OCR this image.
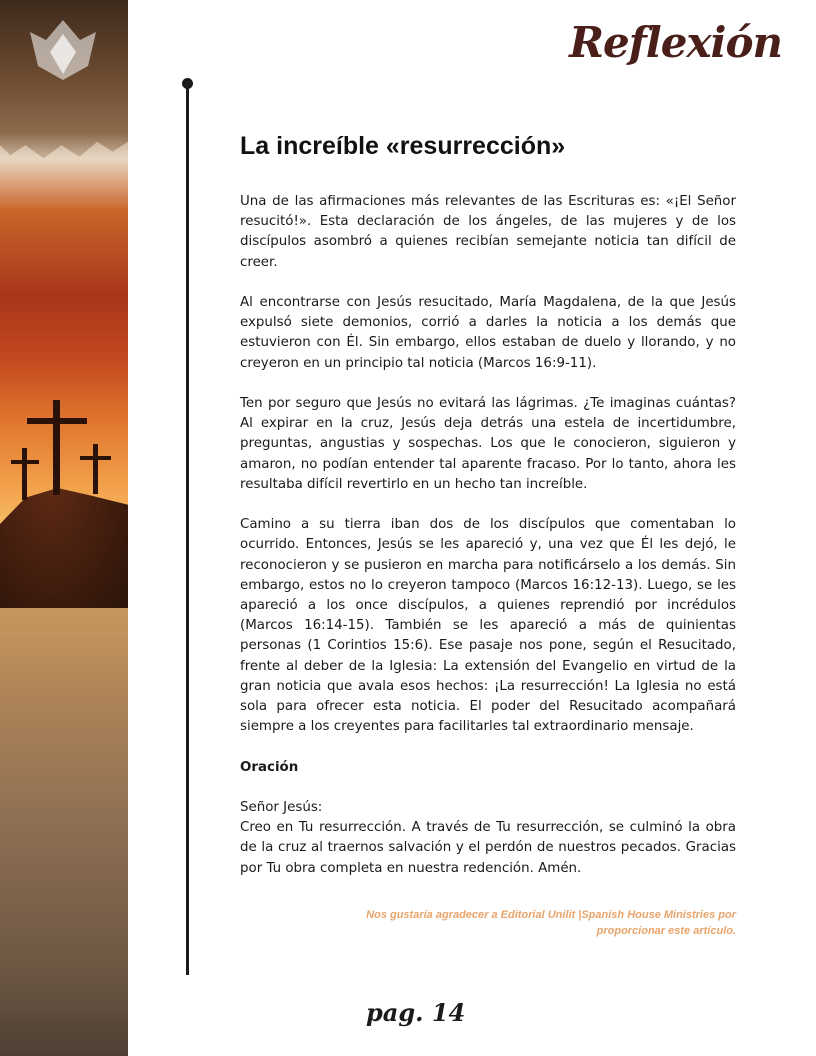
Reflexión
La increíble «resurrección»

Una de las afirmaciones más relevantes de las Escrituras es: «¡El Señor resucitó!». Esta declaración de los ángeles, de las mujeres y de los discípulos asombró a quienes recibían semejante noticia tan difícil de creer.

Al encontrarse con Jesús resucitado, María Magdalena, de la que Jesús expulsó siete demonios, corrió a darles la noticia a los demás que estuvieron con Él. Sin embargo, ellos estaban de duelo y llorando, y no creyeron en un principio tal noticia (Marcos 16:9-11).

Ten por seguro que Jesús no evitará las lágrimas. ¿Te imaginas cuántas? Al expirar en la cruz, Jesús deja detrás una estela de incertidumbre, preguntas, angustias y sospechas. Los que le conocieron, siguieron y amaron, no podían entender tal aparente fracaso. Por lo tanto, ahora les resultaba difícil revertirlo en un hecho tan increíble.

Camino a su tierra iban dos de los discípulos que comentaban lo ocurrido. Entonces, Jesús se les apareció y, una vez que Él les dejó, le reconocieron y se pusieron en marcha para notificárselo a los demás. Sin embargo, estos no lo creyeron tampoco (Marcos 16:12-13). Luego, se les apareció a los once discípulos, a quienes reprendió por incrédulos (Marcos 16:14-15). También se les apareció a más de quinientas personas (1 Corintios 15:6). Ese pasaje nos pone, según el Resucitado, frente al deber de la Iglesia: La extensión del Evangelio en virtud de la gran noticia que avala esos hechos: ¡La resurrección! La Iglesia no está sola para ofrecer esta noticia. El poder del Resucitado acompañará siempre a los creyentes para facilitarles tal extraordinario mensaje.

Oración

Señor Jesús:

Creo en Tu resurrección. A través de Tu resurrección, se culminó la obra de la cruz al traernos salvación y el perdón de nuestros pecados. Gracias por Tu obra completa en nuestra redención. Amén.

Nos gustaría agradecer a Editorial Unilit |Spanish House Ministries por proporcionar este artículo.
pag. 14
